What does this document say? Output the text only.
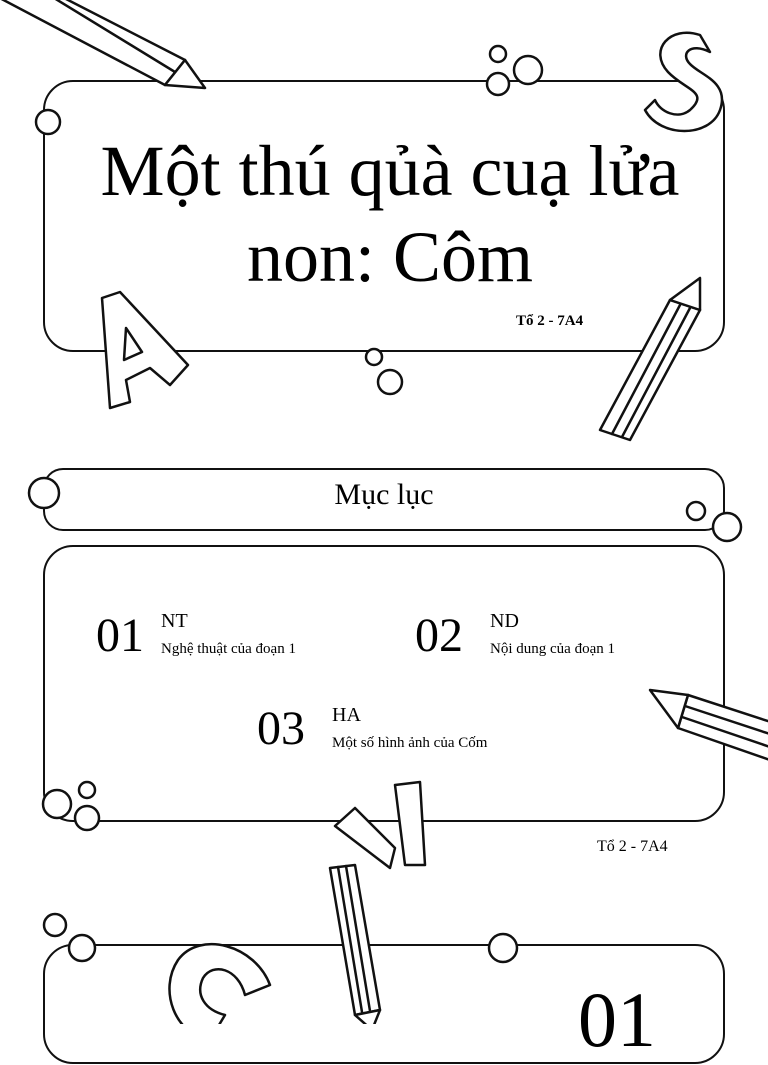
Một thú qủà cuạ lửa non: Côm
Tổ 2 - 7A4
Mục lục
01 NT
Nghệ thuật của đoạn 1 02 ND
Nội dung của đoạn 1
03 HA
Một số hình ảnh của Cốm
Tổ 2 - 7A4
01
